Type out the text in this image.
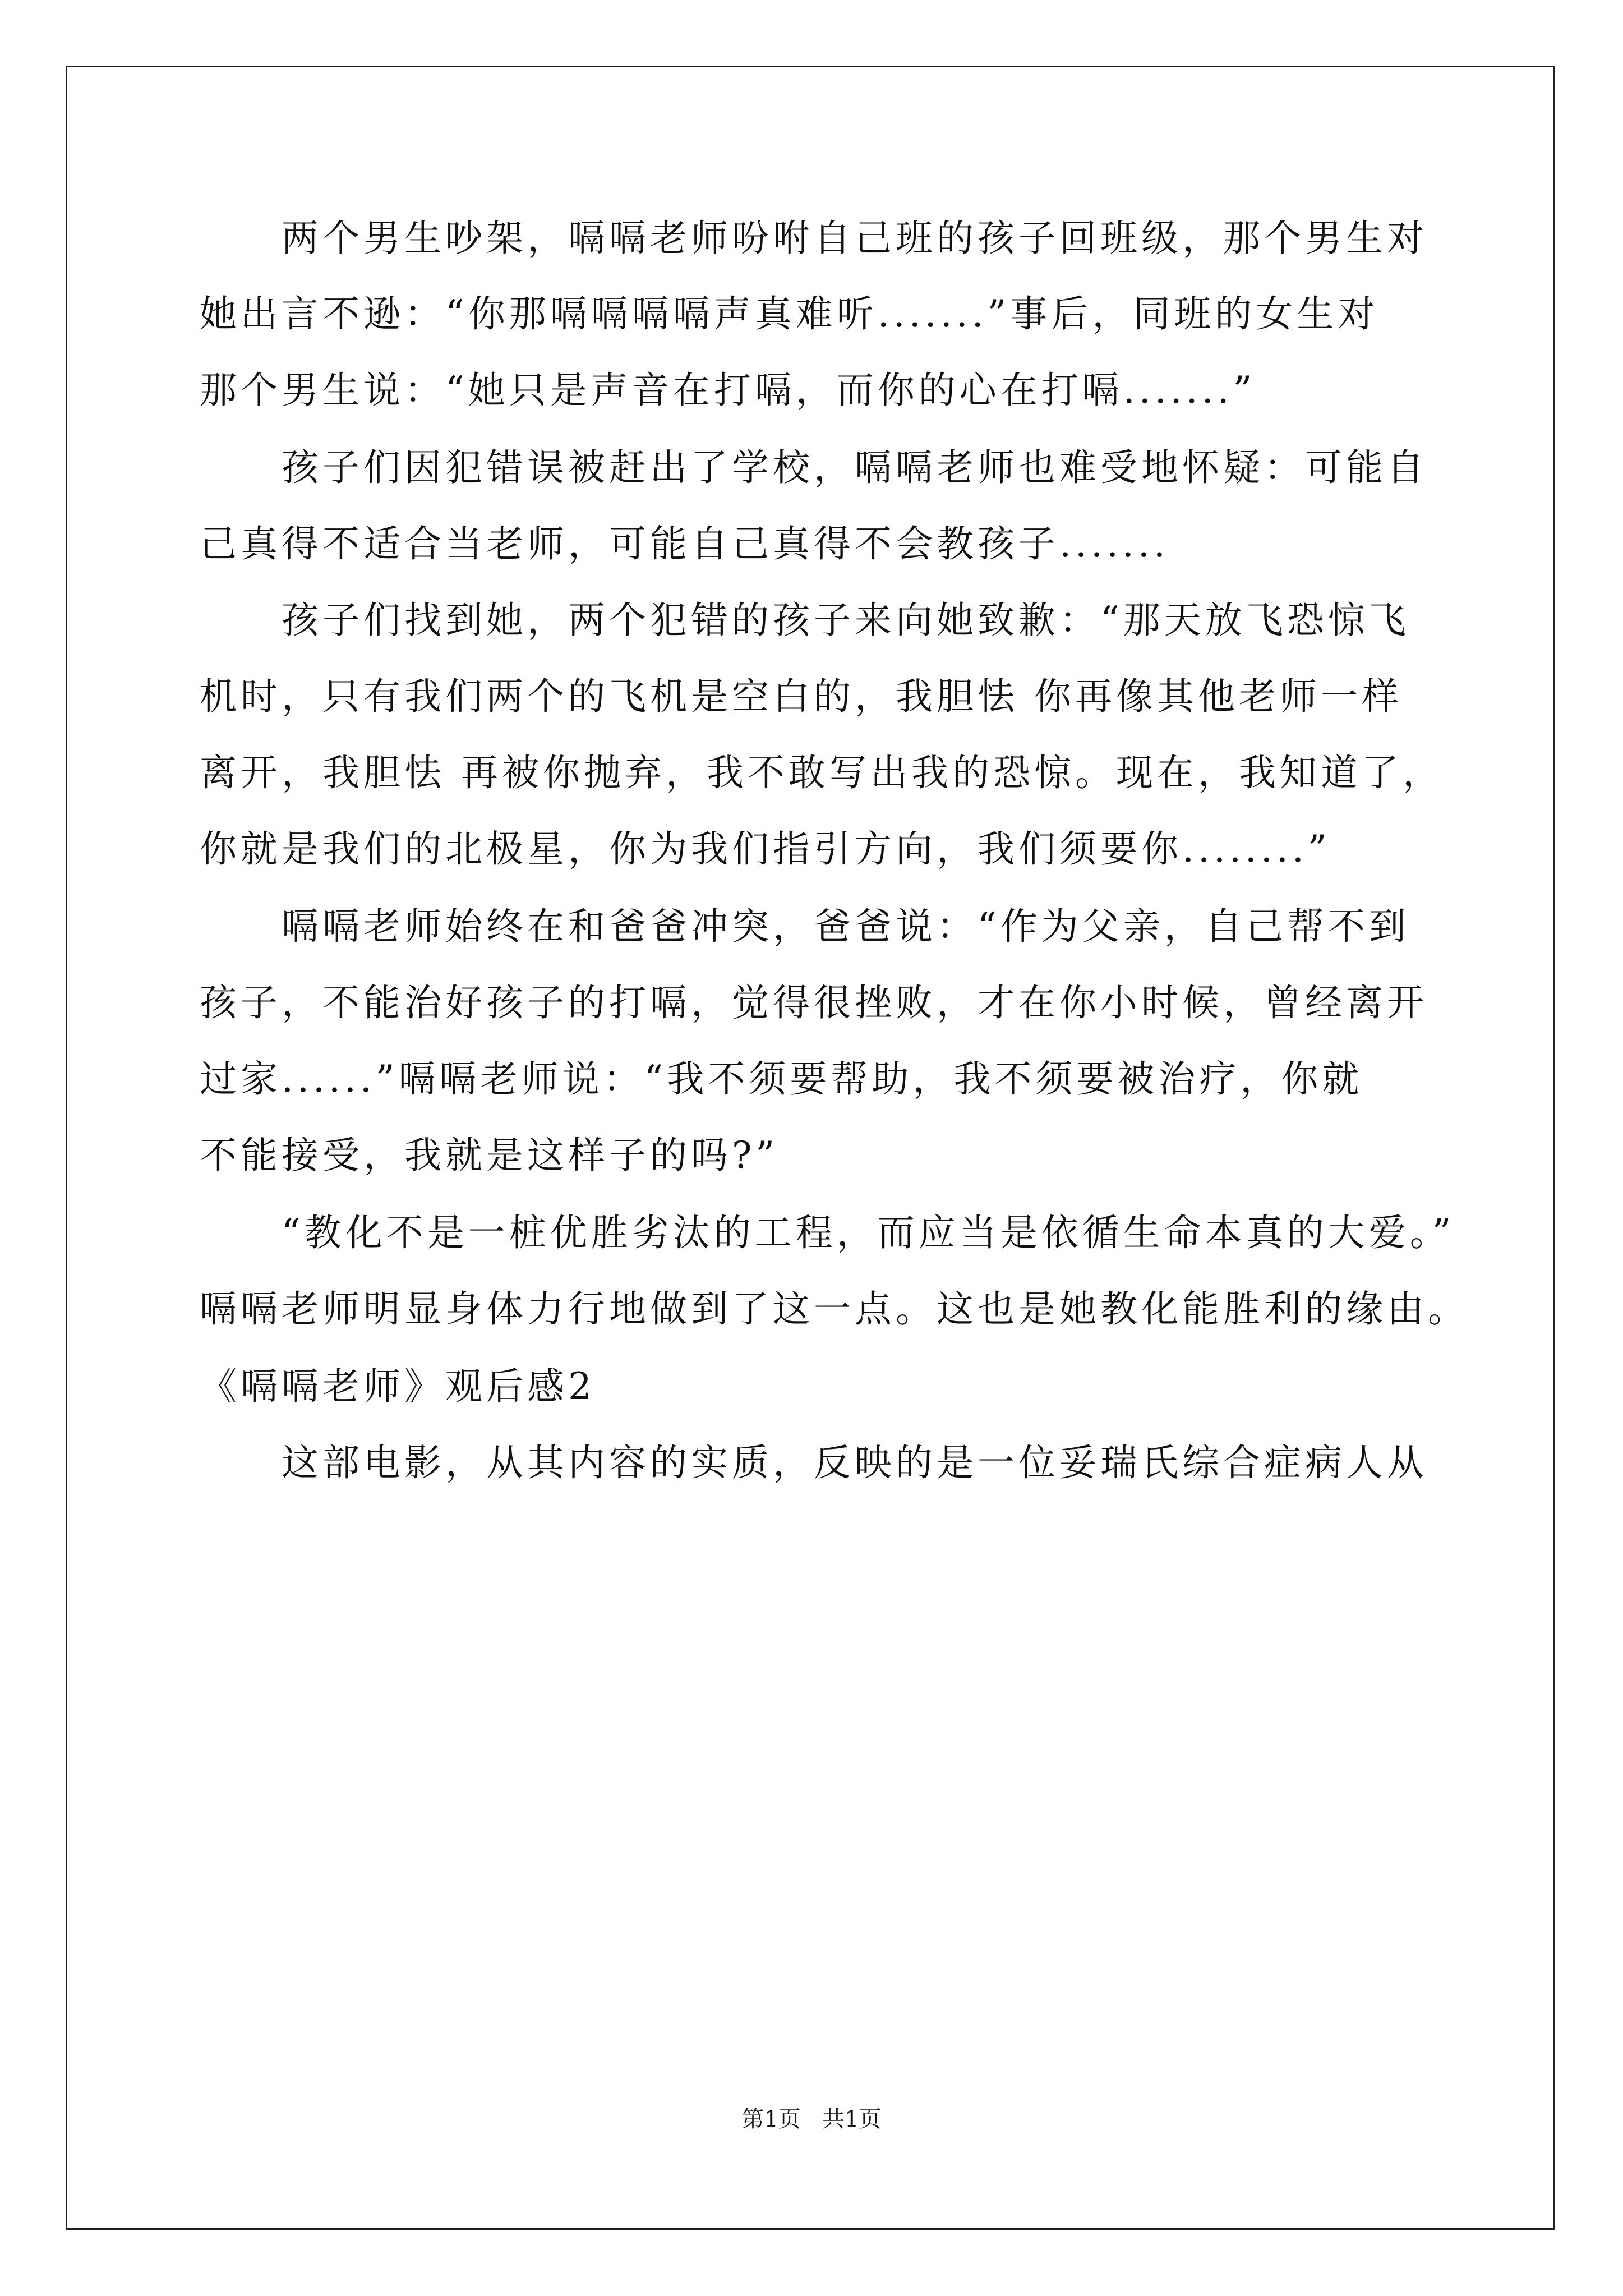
两个男生吵架，嗝嗝老师吩咐自己班的孩子回班级，那个男生对
她出言不逊：“你那嗝嗝嗝嗝声真难听.......”事后，同班的女生对
那个男生说：“她只是声音在打嗝，而你的心在打嗝.......”
孩子们因犯错误被赶出了学校，嗝嗝老师也难受地怀疑：可能自
己真得不适合当老师，可能自己真得不会教孩子.......
孩子们找到她，两个犯错的孩子来向她致歉：“那天放飞恐惊飞
机时，只有我们两个的飞机是空白的，我胆怯 你再像其他老师一样
离开，我胆怯 再被你抛弃，我不敢写出我的恐惊。现在，我知道了，
你就是我们的北极星，你为我们指引方向，我们须要你........”
嗝嗝老师始终在和爸爸冲突，爸爸说：“作为父亲，自己帮不到
孩子，不能治好孩子的打嗝，觉得很挫败，才在你小时候，曾经离开
过家......”嗝嗝老师说：“我不须要帮助，我不须要被治疗，你就
不能接受，我就是这样子的吗?”
“教化不是一桩优胜劣汰的工程，而应当是依循生命本真的大爱。”
嗝嗝老师明显身体力行地做到了这一点。这也是她教化能胜利的缘由。
《嗝嗝老师》观后感2
这部电影，从其内容的实质，反映的是一位妥瑞氏综合症病人从
第1页   共1页
